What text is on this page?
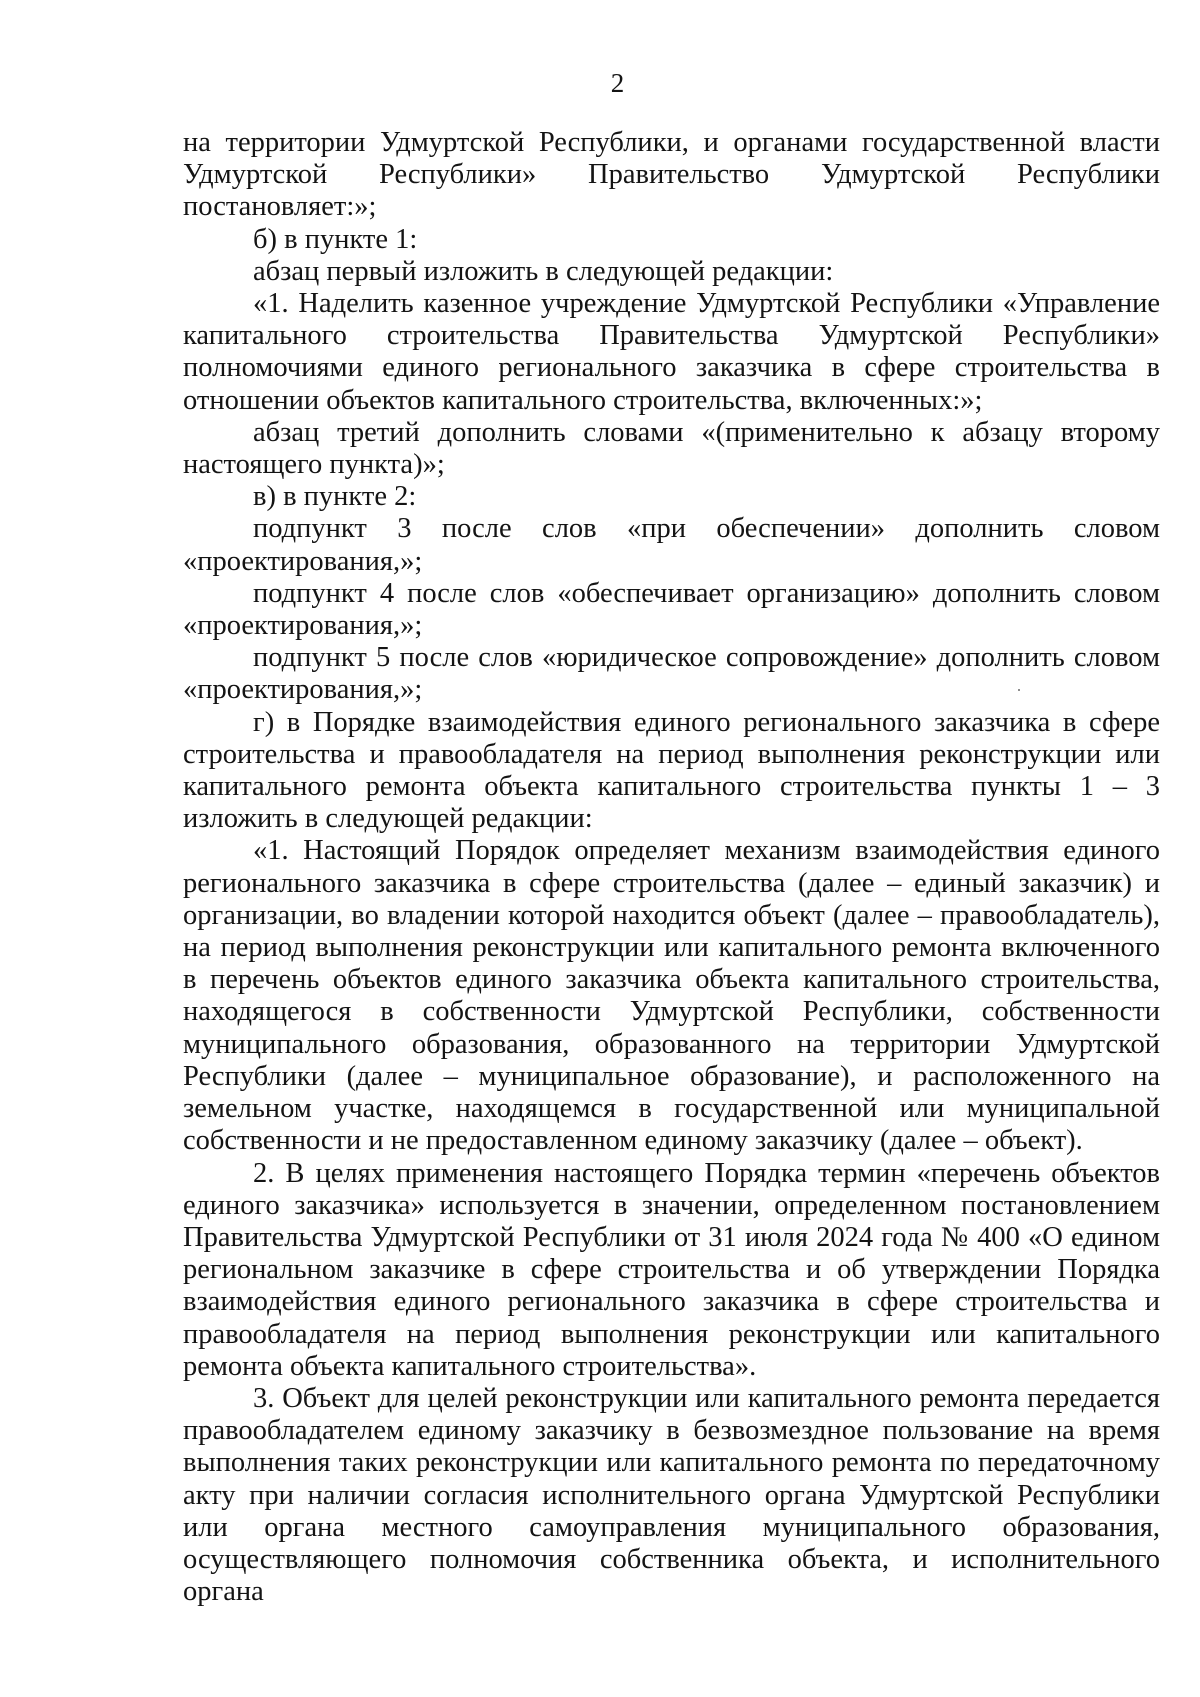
2

на территории Удмуртской Республики, и органами государственной власти Удмуртской Республики» Правительство Удмуртской Республики постановляет:»;

б) в пункте 1:

абзац первый изложить в следующей редакции:

«1. Наделить казенное учреждение Удмуртской Республики «Управление капитального строительства Правительства Удмуртской Республики» полномочиями единого регионального заказчика в сфере строительства в отношении объектов капитального строительства, включенных:»;

абзац третий дополнить словами «(применительно к абзацу второму настоящего пункта)»;

в) в пункте 2:

подпункт 3 после слов «при обеспечении» дополнить словом «проектирования,»;

подпункт 4 после слов «обеспечивает организацию» дополнить словом «проектирования,»;

подпункт 5 после слов «юридическое сопровождение» дополнить словом «проектирования,»;

г) в Порядке взаимодействия единого регионального заказчика в сфере строительства и правообладателя на период выполнения реконструкции или капитального ремонта объекта капитального строительства пункты 1 – 3 изложить в следующей редакции:

«1. Настоящий Порядок определяет механизм взаимодействия единого регионального заказчика в сфере строительства (далее – единый заказчик) и организации, во владении которой находится объект (далее – правообладатель), на период выполнения реконструкции или капитального ремонта включенного в перечень объектов единого заказчика объекта капитального строительства, находящегося в собственности Удмуртской Республики, собственности муниципального образования, образованного на территории Удмуртской Республики (далее – муниципальное образование), и расположенного на земельном участке, находящемся в государственной или муниципальной собственности и не предоставленном единому заказчику (далее – объект).

2. В целях применения настоящего Порядка термин «перечень объектов единого заказчика» используется в значении, определенном постановлением Правительства Удмуртской Республики от 31 июля 2024 года № 400 «О едином региональном заказчике в сфере строительства и об утверждении Порядка взаимодействия единого регионального заказчика в сфере строительства и правообладателя на период выполнения реконструкции или капитального ремонта объекта капитального строительства».

3. Объект для целей реконструкции или капитального ремонта передается правообладателем единому заказчику в безвозмездное пользование на время выполнения таких реконструкции или капитального ремонта по передаточному акту при наличии согласия исполнительного органа Удмуртской Республики или органа местного самоуправления муниципального образования, осуществляющего полномочия собственника объекта, и исполнительного органа
